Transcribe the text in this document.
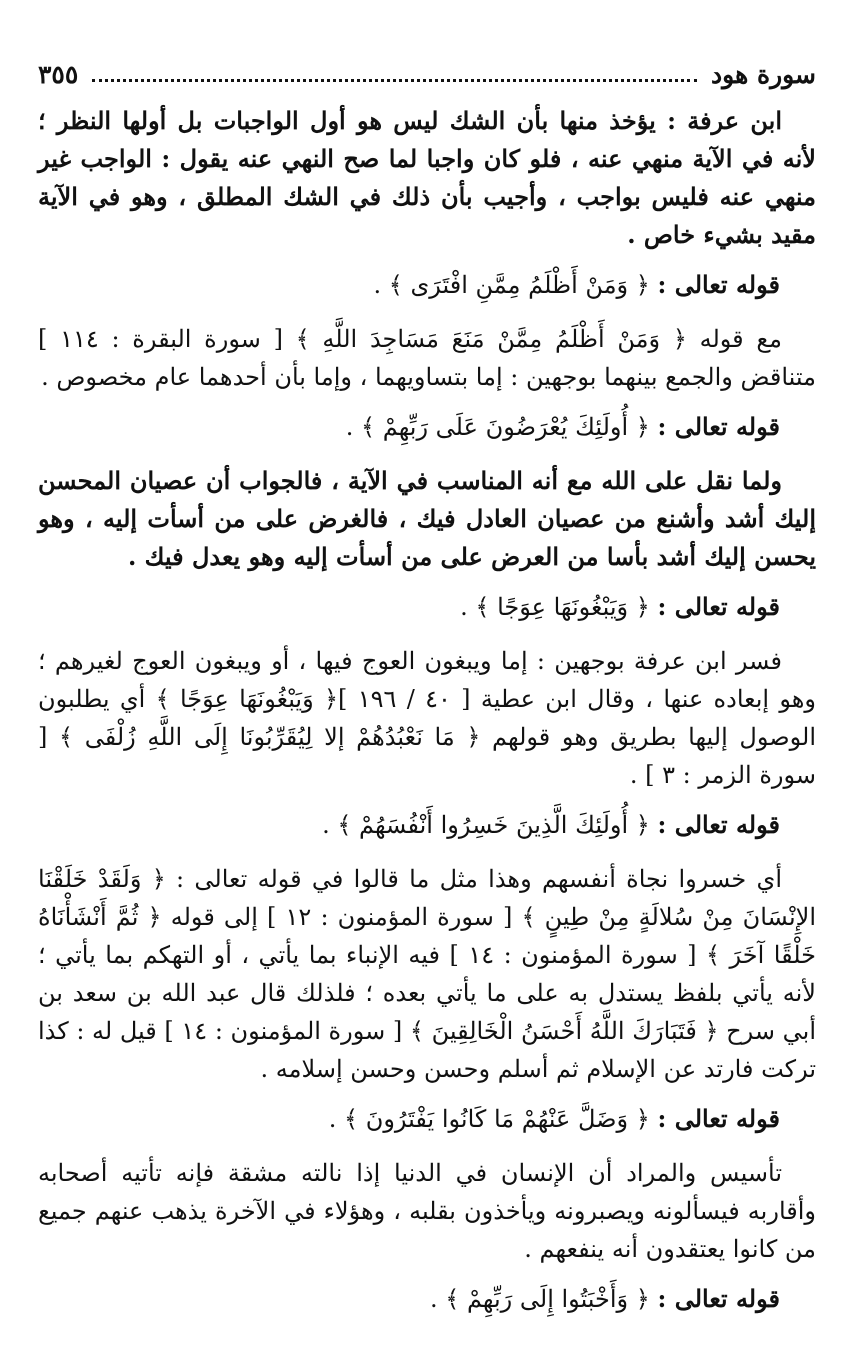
سورة هود
٣٥٥

ابن عرفة : يؤخذ منها بأن الشك ليس هو أول الواجبات بل أولها النظر ؛ لأنه في الآية منهي عنه ، فلو كان واجبا لما صح النهي عنه يقول : الواجب غير منهي عنه فليس بواجب ، وأجيب بأن ذلك في الشك المطلق ، وهو في الآية مقيد بشيء خاص .

قوله تعالى : ﴿ وَمَنْ أَظْلَمُ مِمَّنِ افْتَرَى ﴾ .

مع قوله ﴿ وَمَنْ أَظْلَمُ مِمَّنْ مَنَعَ مَسَاجِدَ اللَّهِ ﴾ [ سورة البقرة : ١١٤ ] متناقض والجمع بينهما بوجهين : إما بتساويهما ، وإما بأن أحدهما عام مخصوص .

قوله تعالى : ﴿ أُولَئِكَ يُعْرَضُونَ عَلَى رَبِّهِمْ ﴾ .

ولما نقل على الله مع أنه المناسب في الآية ، فالجواب أن عصيان المحسن إليك أشد وأشنع من عصيان العادل فيك ، فالغرض على من أسأت إليه ، وهو يحسن إليك أشد بأسا من العرض على من أسأت إليه وهو يعدل فيك .

قوله تعالى : ﴿ وَيَبْغُونَهَا عِوَجًا ﴾ .

فسر ابن عرفة بوجهين : إما ويبغون العوج فيها ، أو ويبغون العوج لغيرهم ؛ وهو إبعاده عنها ، وقال ابن عطية [ ٤٠ / ١٩٦ ]﴿ وَيَبْغُونَهَا عِوَجًا ﴾ أي يطلبون الوصول إليها بطريق وهو قولهم ﴿ مَا نَعْبُدُهُمْ إلا لِيُقَرِّبُونَا إِلَى اللَّهِ زُلْفَى ﴾ [ سورة الزمر : ٣ ] .

قوله تعالى : ﴿ أُولَئِكَ الَّذِينَ خَسِرُوا أَنْفُسَهُمْ ﴾ .

أي خسروا نجاة أنفسهم وهذا مثل ما قالوا في قوله تعالى : ﴿ وَلَقَدْ خَلَقْنَا الإِنْسَانَ مِنْ سُلالَةٍ مِنْ طِينٍ ﴾ [ سورة المؤمنون : ١٢ ] إلى قوله ﴿ ثُمَّ أَنْشَأْنَاهُ خَلْقًا آخَرَ ﴾ [ سورة المؤمنون : ١٤ ] فيه الإنباء بما يأتي ، أو التهكم بما يأتي ؛ لأنه يأتي بلفظ يستدل به على ما يأتي بعده ؛ فلذلك قال عبد الله بن سعد بن أبي سرح ﴿ فَتَبَارَكَ اللَّهُ أَحْسَنُ الْخَالِقِينَ ﴾ [ سورة المؤمنون : ١٤ ] قيل له : كذا تركت فارتد عن الإسلام ثم أسلم وحسن وحسن إسلامه .

قوله تعالى : ﴿ وَضَلَّ عَنْهُمْ مَا كَانُوا يَفْتَرُونَ ﴾ .

تأسيس والمراد أن الإنسان في الدنيا إذا نالته مشقة فإنه تأتيه أصحابه وأقاربه فيسألونه ويصبرونه ويأخذون بقلبه ، وهؤلاء في الآخرة يذهب عنهم جميع من كانوا يعتقدون أنه ينفعهم .

قوله تعالى : ﴿ وَأَخْبَتُوا إِلَى رَبِّهِمْ ﴾ .
